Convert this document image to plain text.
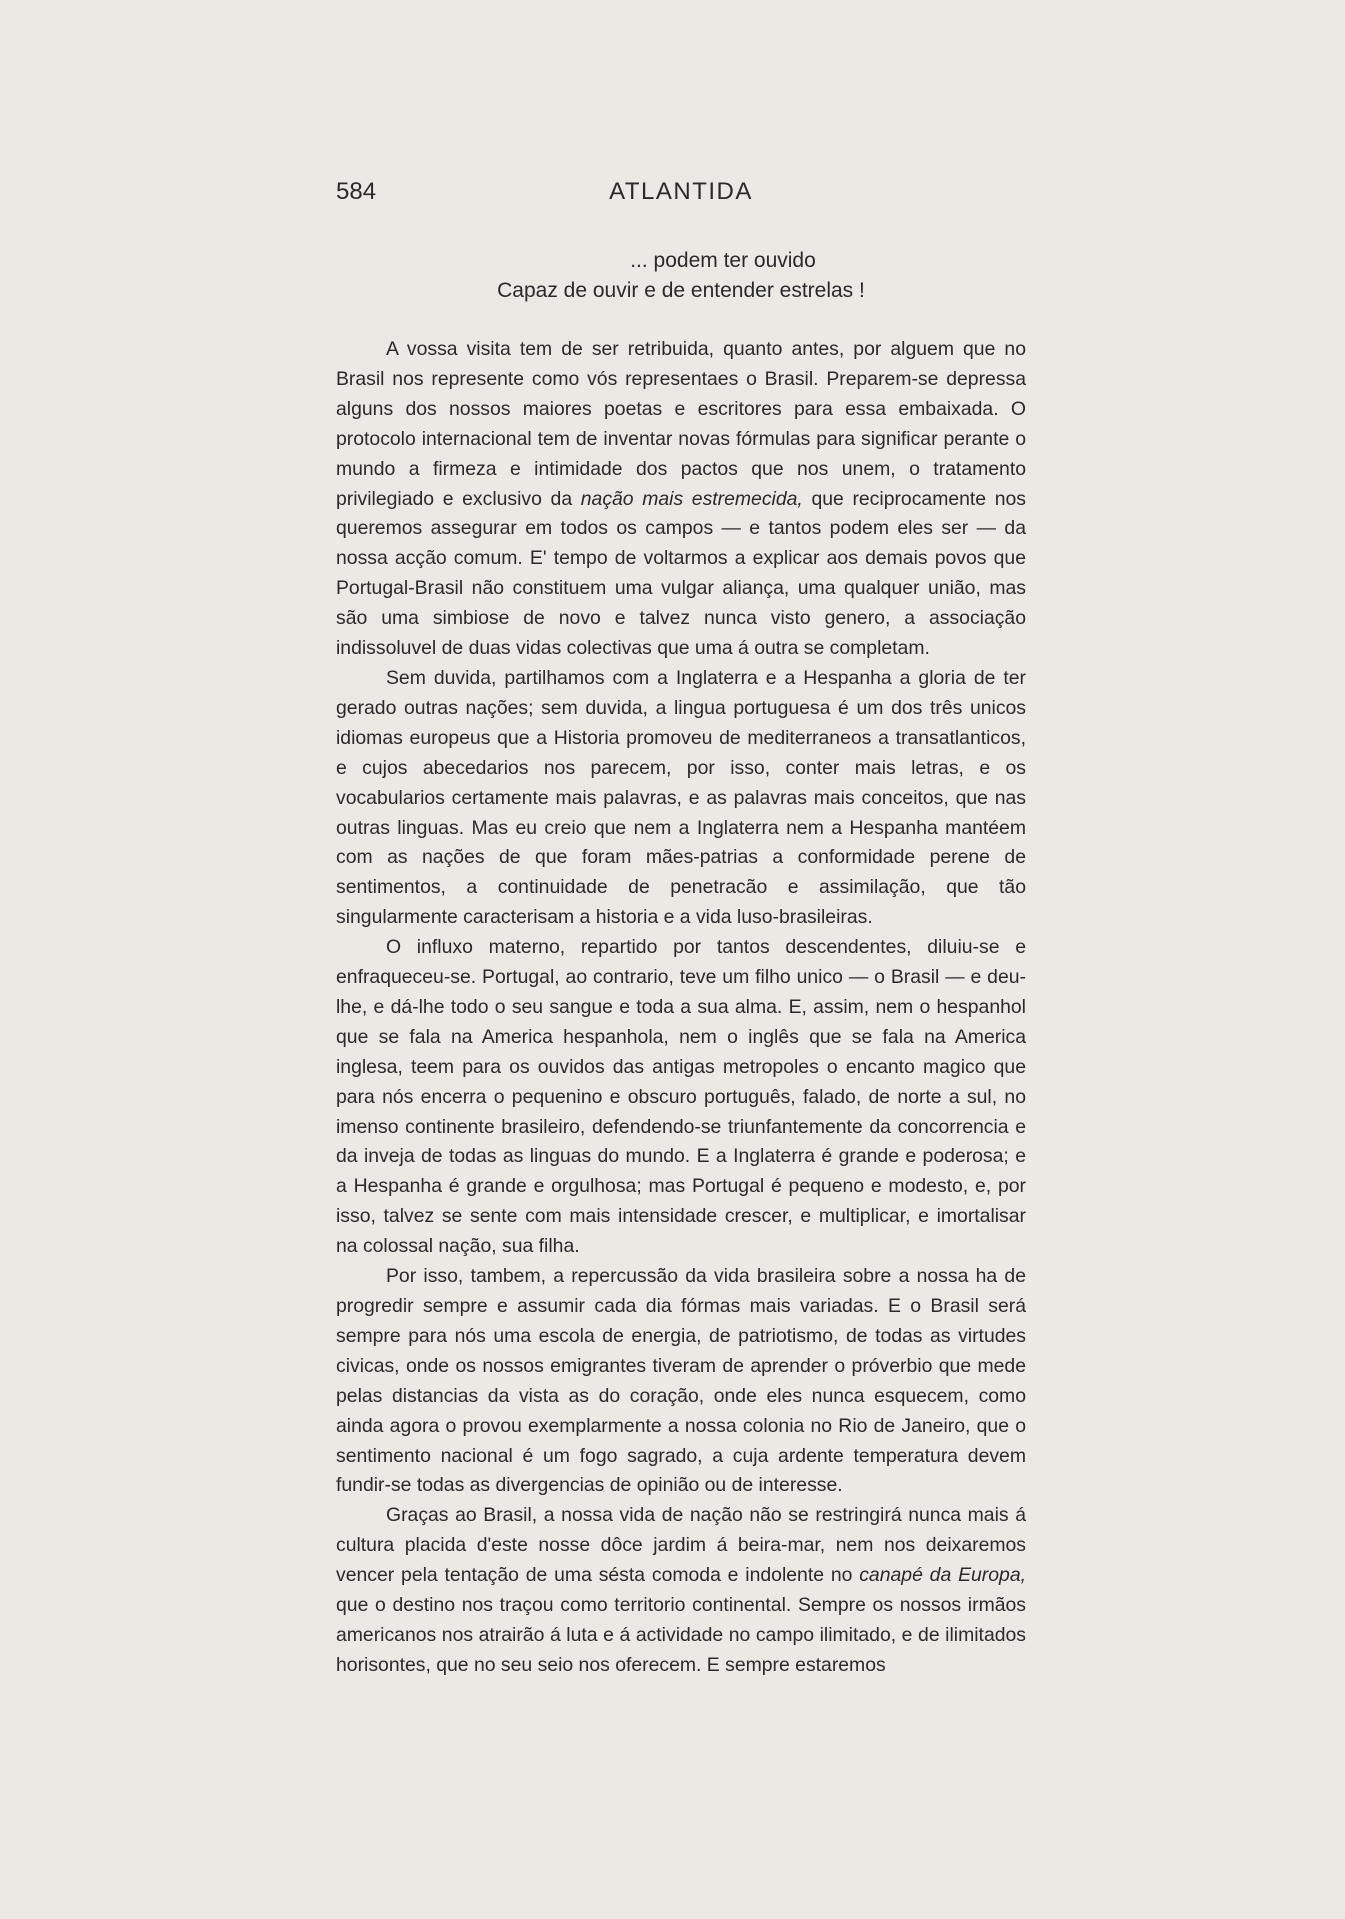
584	ATLANTIDA
... podem ter ouvido
Capaz de ouvir e de entender estrelas !

A vossa visita tem de ser retribuida, quanto antes, por alguem que no Brasil nos represente como vós representaes o Brasil. Preparem-se depressa alguns dos nossos maiores poetas e escritores para essa embaixada. O protocolo internacional tem de inventar novas fórmulas para significar perante o mundo a firmeza e intimidade dos pactos que nos unem, o tratamento privilegiado e exclusivo da nação mais estremecida, que reciprocamente nos queremos assegurar em todos os campos — e tantos podem eles ser — da nossa acção comum. E' tempo de voltarmos a explicar aos demais povos que Portugal-Brasil não constituem uma vulgar aliança, uma qualquer união, mas são uma simbiose de novo e talvez nunca visto genero, a associação indissoluvel de duas vidas colectivas que uma á outra se completam.

Sem duvida, partilhamos com a Inglaterra e a Hespanha a gloria de ter gerado outras nações; sem duvida, a lingua portuguesa é um dos três unicos idiomas europeus que a Historia promoveu de mediterraneos a transatlanticos, e cujos abecedarios nos parecem, por isso, conter mais letras, e os vocabularios certamente mais palavras, e as palavras mais conceitos, que nas outras linguas. Mas eu creio que nem a Inglaterra nem a Hespanha mantéem com as nações de que foram mães-patrias a conformidade perene de sentimentos, a continuidade de penetracão e assimilação, que tão singularmente caracterisam a historia e a vida luso-brasileiras.

O influxo materno, repartido por tantos descendentes, diluiu-se e enfraqueceu-se. Portugal, ao contrario, teve um filho unico — o Brasil — e deu-lhe, e dá-lhe todo o seu sangue e toda a sua alma. E, assim, nem o hespanhol que se fala na America hespanhola, nem o inglês que se fala na America inglesa, teem para os ouvidos das antigas metropoles o encanto magico que para nós encerra o pequenino e obscuro português, falado, de norte a sul, no imenso continente brasileiro, defendendo-se triunfantemente da concorrencia e da inveja de todas as linguas do mundo. E a Inglaterra é grande e poderosa; e a Hespanha é grande e orgulhosa; mas Portugal é pequeno e modesto, e, por isso, talvez se sente com mais intensidade crescer, e multiplicar, e imortalisar na colossal nação, sua filha.

Por isso, tambem, a repercussão da vida brasileira sobre a nossa ha de progredir sempre e assumir cada dia fórmas mais variadas. E o Brasil será sempre para nós uma escola de energia, de patriotismo, de todas as virtudes civicas, onde os nossos emigrantes tiveram de aprender o próverbio que mede pelas distancias da vista as do coração, onde eles nunca esquecem, como ainda agora o provou exemplarmente a nossa colonia no Rio de Janeiro, que o sentimento nacional é um fogo sagrado, a cuja ardente temperatura devem fundir-se todas as divergencias de opinião ou de interesse.

Graças ao Brasil, a nossa vida de nação não se restringirá nunca mais á cultura placida d'este nosse dôce jardim á beira-mar, nem nos deixaremos vencer pela tentação de uma sésta comoda e indolente no canapé da Europa, que o destino nos traçou como territorio continental. Sempre os nossos irmãos americanos nos atrairão á luta e á actividade no campo ilimitado, e de ilimitados horisontes, que no seu seio nos oferecem. E sempre estaremos
